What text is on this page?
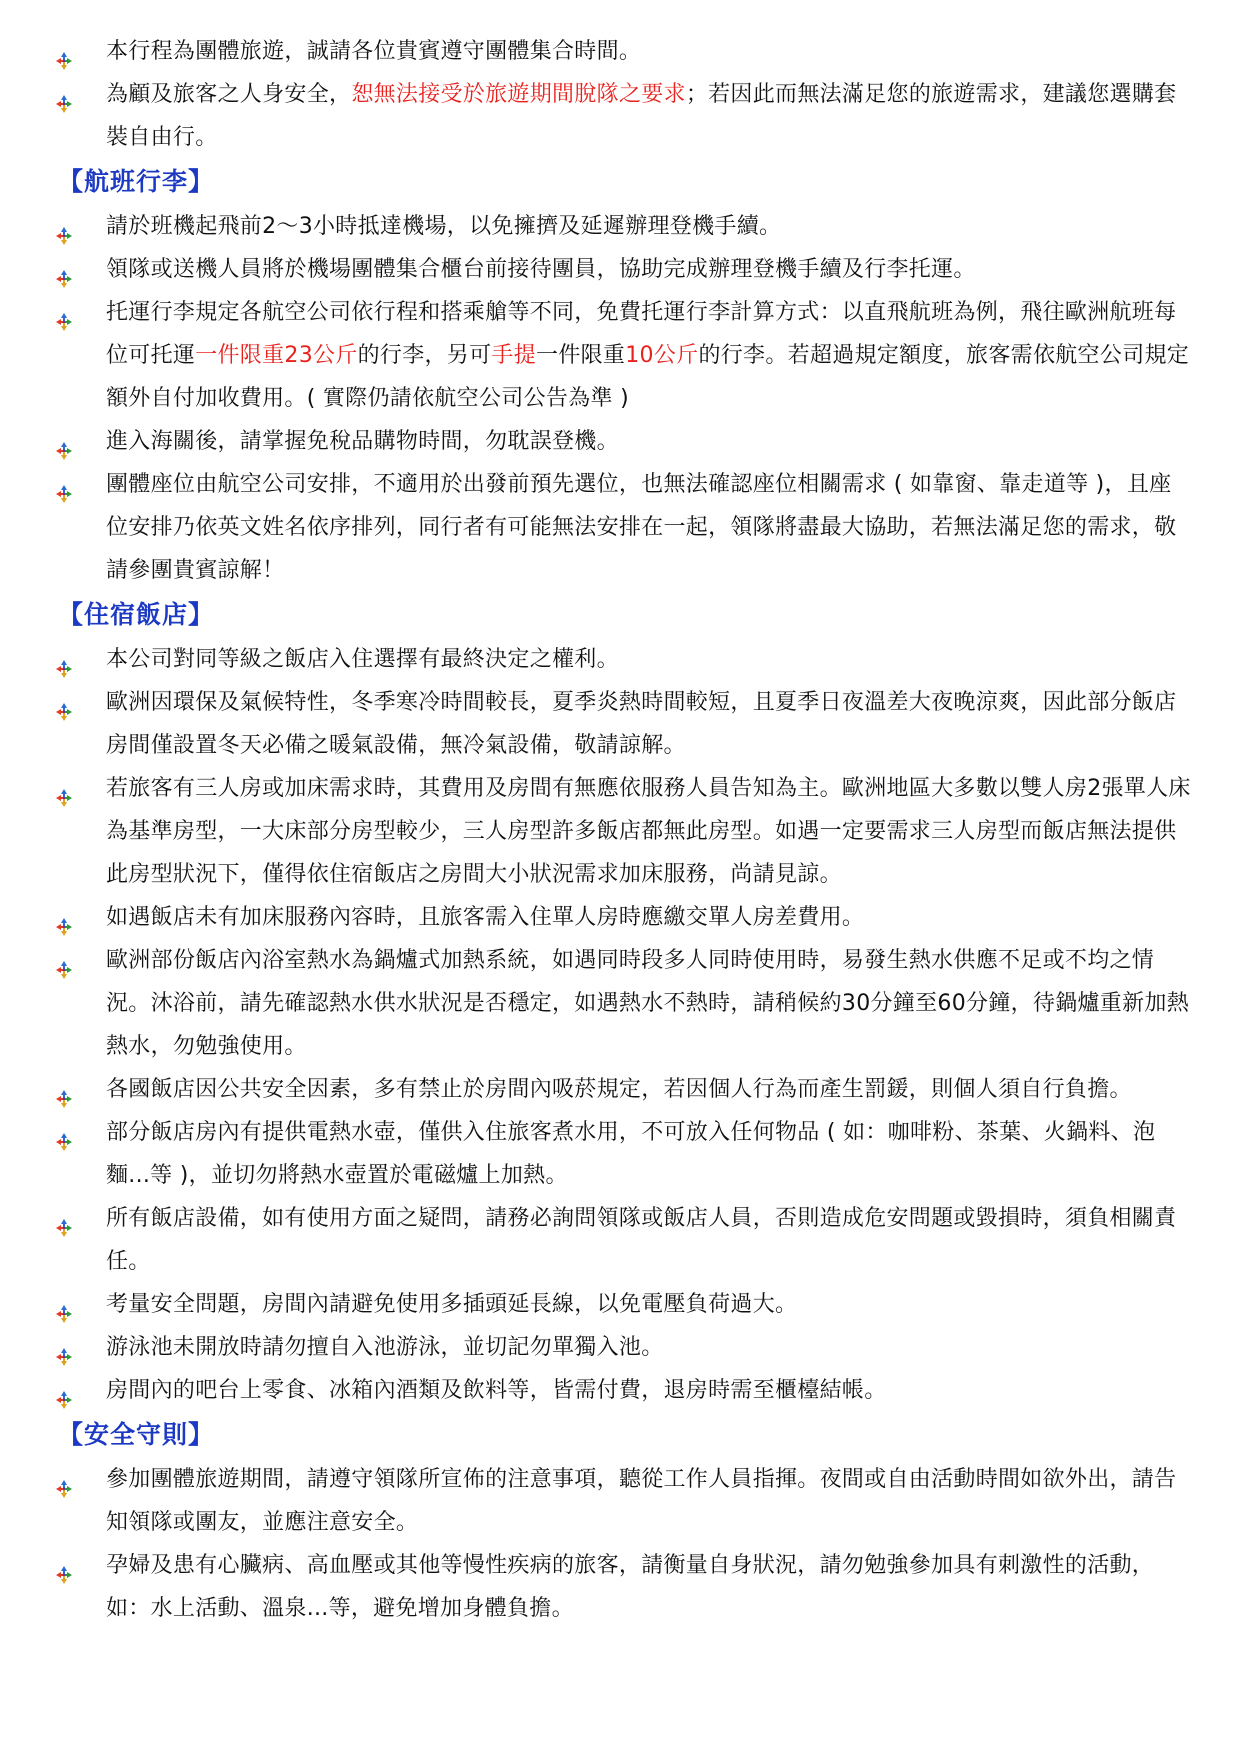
本行程為團體旅遊，誠請各位貴賓遵守團體集合時間。
為顧及旅客之人身安全，恕無法接受於旅遊期間脫隊之要求；若因此而無法滿足您的旅遊需求，建議您選購套裝自由行。
【航班行李】
請於班機起飛前2～3小時抵達機場，以免擁擠及延遲辦理登機手續。
領隊或送機人員將於機場團體集合櫃台前接待團員，協助完成辦理登機手續及行李托運。
托運行李規定各航空公司依行程和搭乘艙等不同，免費托運行李計算方式：以直飛航班為例，飛往歐洲航班每位可托運一件限重23公斤的行李，另可手提一件限重10公斤的行李。若超過規定額度，旅客需依航空公司規定額外自付加收費用。( 實際仍請依航空公司公告為準 )
進入海關後，請掌握免稅品購物時間，勿耽誤登機。
團體座位由航空公司安排，不適用於出發前預先選位，也無法確認座位相關需求 ( 如靠窗、靠走道等 )，且座位安排乃依英文姓名依序排列，同行者有可能無法安排在一起，領隊將盡最大協助，若無法滿足您的需求，敬請參團貴賓諒解！
【住宿飯店】
本公司對同等級之飯店入住選擇有最終決定之權利。
歐洲因環保及氣候特性，冬季寒冷時間較長，夏季炎熱時間較短，且夏季日夜溫差大夜晚涼爽，因此部分飯店房間僅設置冬天必備之暖氣設備，無冷氣設備，敬請諒解。
若旅客有三人房或加床需求時，其費用及房間有無應依服務人員告知為主。歐洲地區大多數以雙人房2張單人床為基準房型，一大床部分房型較少，三人房型許多飯店都無此房型。如遇一定要需求三人房型而飯店無法提供此房型狀況下，僅得依住宿飯店之房間大小狀況需求加床服務，尚請見諒。
如遇飯店未有加床服務內容時，且旅客需入住單人房時應繳交單人房差費用。
歐洲部份飯店內浴室熱水為鍋爐式加熱系統，如遇同時段多人同時使用時，易發生熱水供應不足或不均之情況。沐浴前，請先確認熱水供水狀況是否穩定，如遇熱水不熱時，請稍候約30分鐘至60分鐘，待鍋爐重新加熱熱水，勿勉強使用。
各國飯店因公共安全因素，多有禁止於房間內吸菸規定，若因個人行為而產生罰鍰，則個人須自行負擔。
部分飯店房內有提供電熱水壺，僅供入住旅客煮水用，不可放入任何物品 ( 如：咖啡粉、茶葉、火鍋料、泡麵...等 )，並切勿將熱水壺置於電磁爐上加熱。
所有飯店設備，如有使用方面之疑問，請務必詢問領隊或飯店人員，否則造成危安問題或毀損時，須負相關責任。
考量安全問題，房間內請避免使用多插頭延長線，以免電壓負荷過大。
游泳池未開放時請勿擅自入池游泳，並切記勿單獨入池。
房間內的吧台上零食、冰箱內酒類及飲料等，皆需付費，退房時需至櫃檯結帳。
【安全守則】
參加團體旅遊期間，請遵守領隊所宣佈的注意事項，聽從工作人員指揮。夜間或自由活動時間如欲外出，請告知領隊或團友，並應注意安全。
孕婦及患有心臟病、高血壓或其他等慢性疾病的旅客，請衡量自身狀況，請勿勉強參加具有刺激性的活動，如：水上活動、溫泉...等，避免增加身體負擔。
